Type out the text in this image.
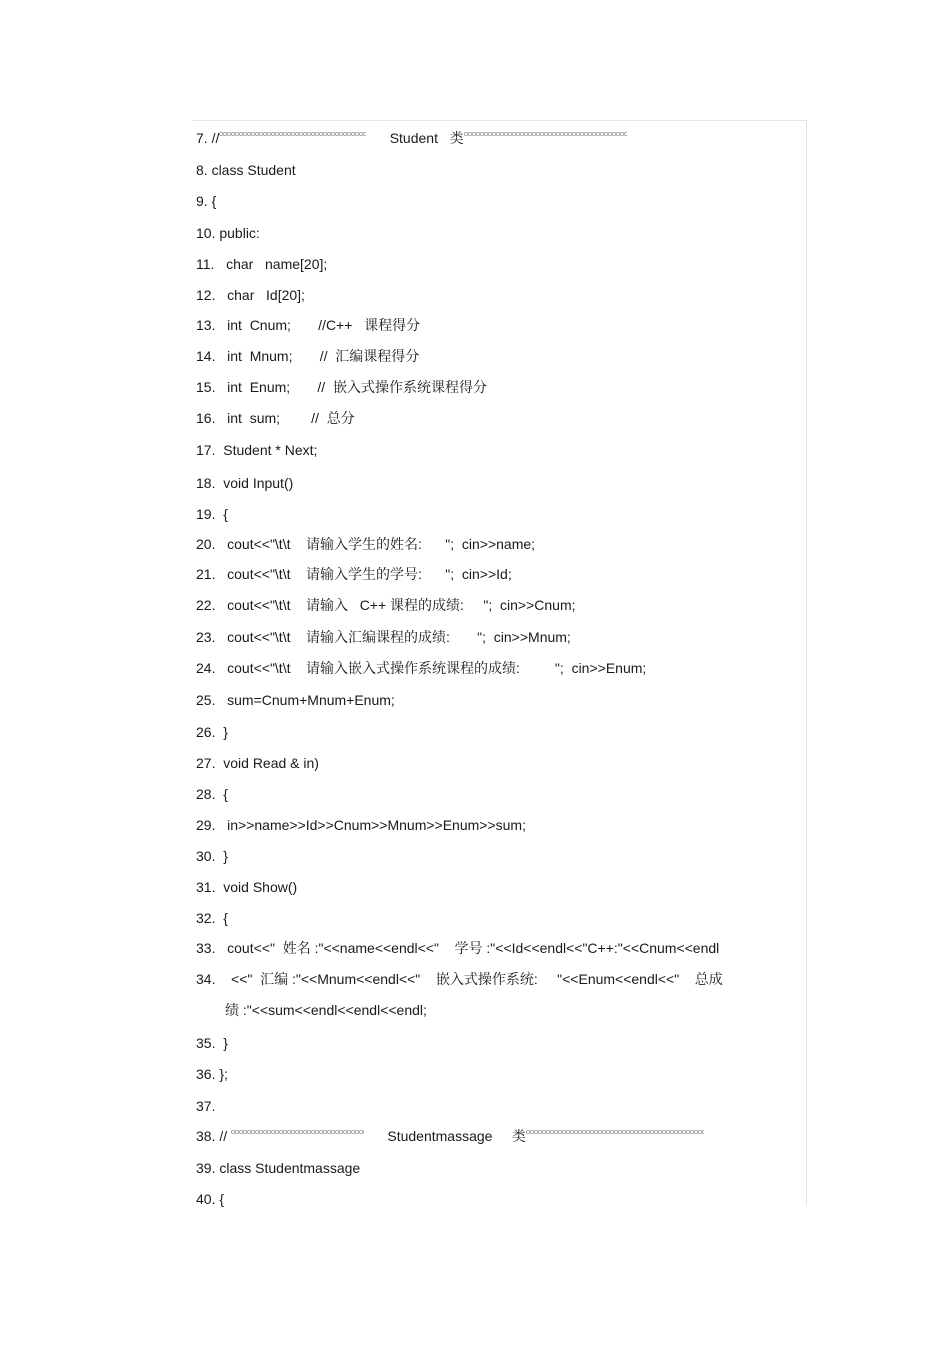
7. //	Student 类
8. class Student
9. {
10. public:
11.   char   name[20];
12.   char   Id[20];
13.   int  Cnum;       //C++   课程得分
14.   int  Mnum;       //  汇编课程得分
15.   int  Enum;       //  嵌入式操作系统课程得分
16.   int  sum;        //  总分
17.  Student * Next;
18.  void Input()
19.  {
20.   cout<<"\t\t    请输入学生的姓名:      ";  cin>>name;
21.   cout<<"\t\t    请输入学生的学号:      ";  cin>>Id;
22.   cout<<"\t\t    请输入   C++ 课程的成绩:     ";  cin>>Cnum;
23.   cout<<"\t\t    请输入汇编课程的成绩:       ";  cin>>Mnum;
24.   cout<<"\t\t    请输入嵌入式操作系统课程的成绩:         ";  cin>>Enum;
25.   sum=Cnum+Mnum+Enum;
26.  }
27.  void Read & in)
28.  {
29.   in>>name>>Id>>Cnum>>Mnum>>Enum>>sum;
30.  }
31.  void Show()
32.  {
33.   cout<<"  姓名 :"<<name<<endl<<"    学号 :"<<Id<<endl<<"C++:"<<Cnum<<endl
34.    <<"  汇编 :"<<Mnum<<endl<<"    嵌入式操作系统:     "<<Enum<<endl<<"    总成
绩 :"<<sum<<endl<<endl<<endl;
35.  }
36. };
37.
38. //	Studentmassage 类
39. class Studentmassage
40. {
